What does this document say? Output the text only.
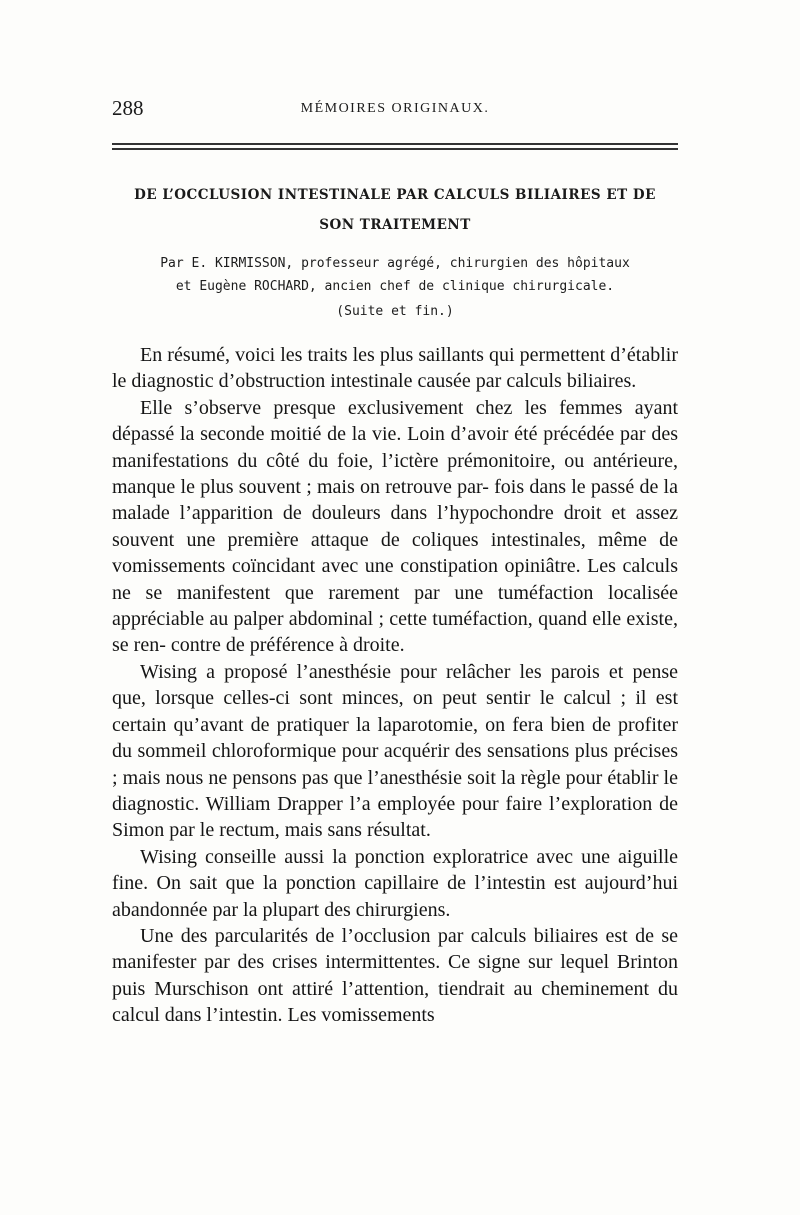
288	MÉMOIRES ORIGINAUX.
DE L’OCCLUSION INTESTINALE PAR CALCULS BILIAIRES ET DE
SON TRAITEMENT
Par E. KIRMISSON, professeur agrégé, chirurgien des hôpitaux
et Eugène ROCHARD, ancien chef de clinique chirurgicale.
(Suite et fin.)

En résumé, voici les traits les plus saillants qui permettent d’établir le diagnostic d’obstruction intestinale causée par calculs biliaires.

Elle s’observe presque exclusivement chez les femmes ayant dépassé la seconde moitié de la vie. Loin d’avoir été précédée par des manifestations du côté du foie, l’ictère prémonitoire, ou antérieure, manque le plus souvent ; mais on retrouve par- fois dans le passé de la malade l’apparition de douleurs dans l’hypochondre droit et assez souvent une première attaque de coliques intestinales, même de vomissements coïncidant avec une constipation opiniâtre. Les calculs ne se manifestent que rarement par une tuméfaction localisée appréciable au palper abdominal ; cette tuméfaction, quand elle existe, se ren- contre de préférence à droite.

Wising a proposé l’anesthésie pour relâcher les parois et pense que, lorsque celles-ci sont minces, on peut sentir le calcul ; il est certain qu’avant de pratiquer la laparotomie, on fera bien de profiter du sommeil chloroformique pour acquérir des sensations plus précises ; mais nous ne pensons pas que l’anesthésie soit la règle pour établir le diagnostic. William Drapper l’a employée pour faire l’exploration de Simon par le rectum, mais sans résultat.

Wising conseille aussi la ponction exploratrice avec une aiguille fine. On sait que la ponction capillaire de l’intestin est aujourd’hui abandonnée par la plupart des chirurgiens.

Une des parcularités de l’occlusion par calculs biliaires est de se manifester par des crises intermittentes. Ce signe sur lequel Brinton puis Murschison ont attiré l’attention, tiendrait au cheminement du calcul dans l’intestin. Les vomissements
